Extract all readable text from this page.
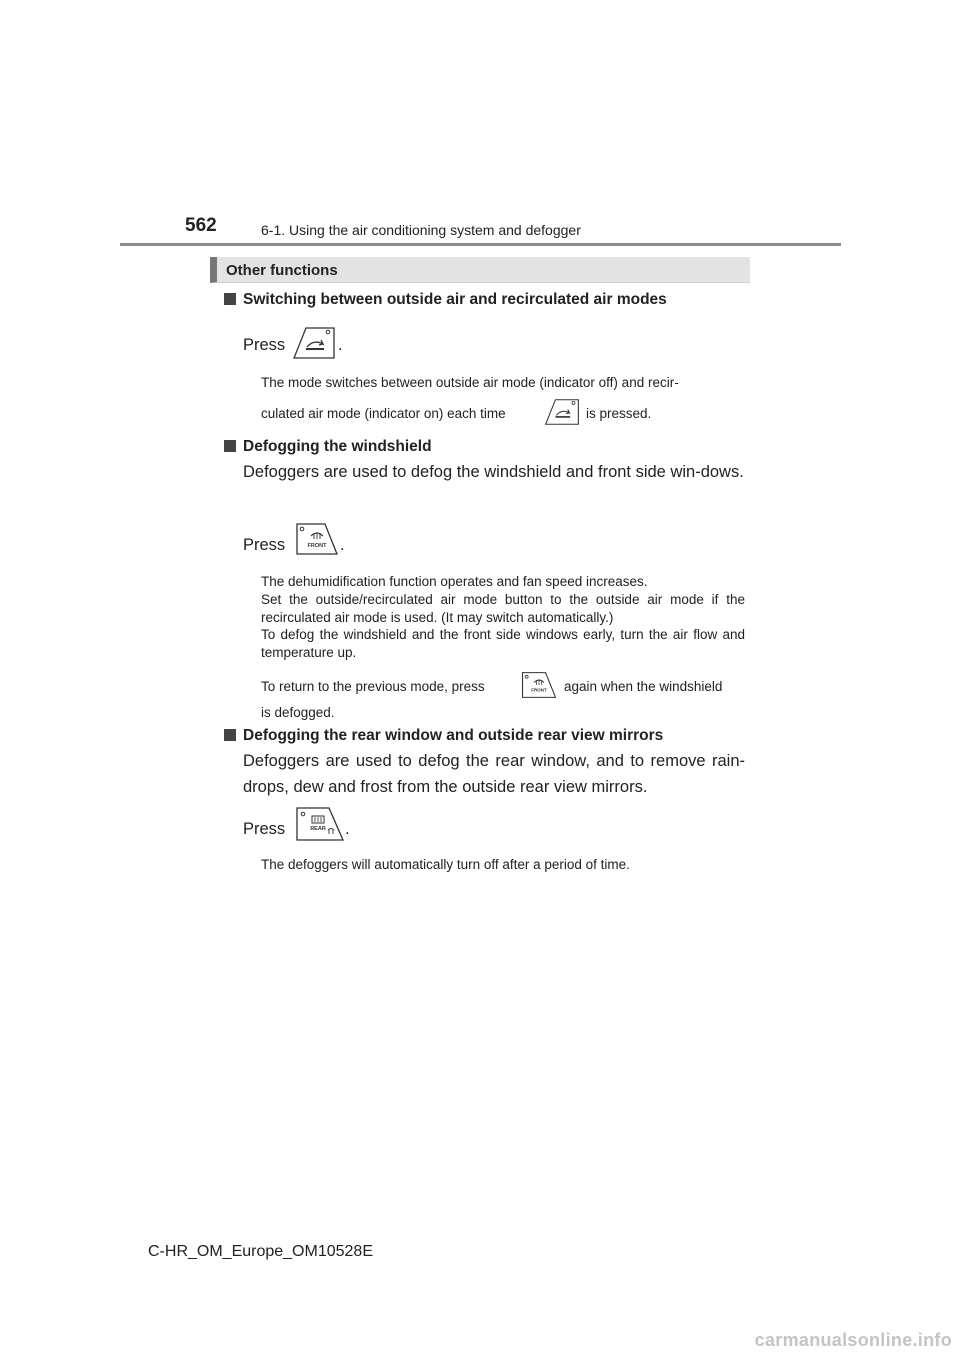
562	6-1. Using the air conditioning system and defogger
Other functions
Switching between outside air and recirculated air modes
Press	.
The mode switches between outside air mode (indicator off) and recir-
culated air mode (indicator on) each time	is pressed.
Defogging the windshield
Defoggers are used to defog the windshield and front side win-dows.
Press	FRONT .
The dehumidification function operates and fan speed increases.
Set the outside/recirculated air mode button to the outside air mode if the recirculated air mode is used. (It may switch automatically.)
To defog the windshield and the front side windows early, turn the air flow and temperature up.
To return to the previous mode, press	FRONT again when the windshield
is defogged.
Defogging the rear window and outside rear view mirrors
Defoggers are used to defog the rear window, and to remove rain-drops, dew and frost from the outside rear view mirrors.
Press	REAR .
The defoggers will automatically turn off after a period of time.
C-HR_OM_Europe_OM10528E
carmanualsonline.info
